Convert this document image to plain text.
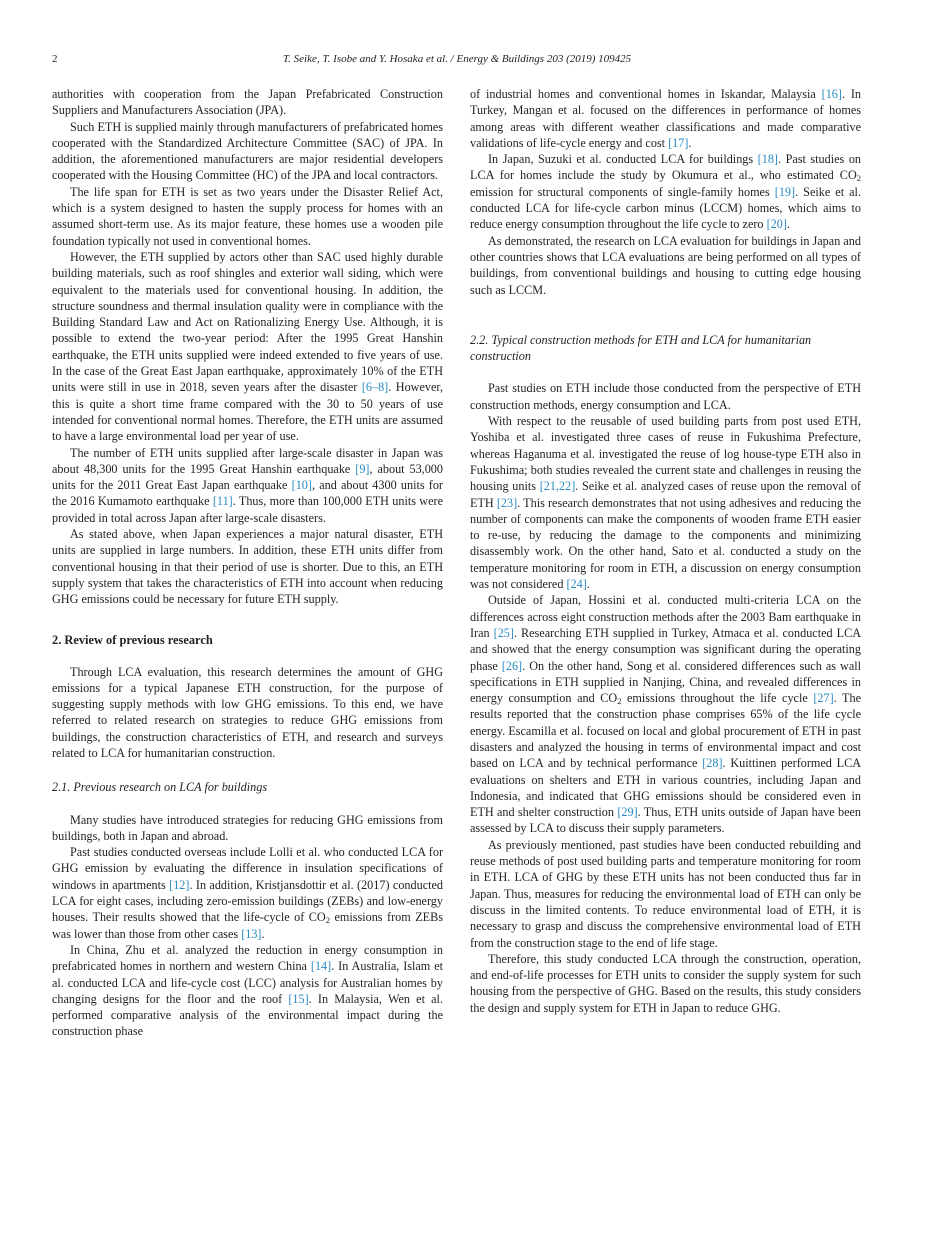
2	T. Seike, T. Isobe and Y. Hosaka et al. / Energy & Buildings 203 (2019) 109425

authorities with cooperation from the Japan Prefabricated Construction Suppliers and Manufacturers Association (JPA).

Such ETH is supplied mainly through manufacturers of prefabricated homes cooperated with the Standardized Architecture Committee (SAC) of JPA. In addition, the aforementioned manufacturers are major residential developers cooperated with the Housing Committee (HC) of the JPA and local contractors.

The life span for ETH is set as two years under the Disaster Relief Act, which is a system designed to hasten the supply process for homes with an assumed short-term use. As its major feature, these homes use a wooden pile foundation typically not used in conventional homes.

However, the ETH supplied by actors other than SAC used highly durable building materials, such as roof shingles and exterior wall siding, which were equivalent to the materials used for conventional housing. In addition, the structure soundness and thermal insulation quality were in compliance with the Building Standard Law and Act on Rationalizing Energy Use. Although, it is possible to extend the two-year period: After the 1995 Great Hanshin earthquake, the ETH units supplied were indeed extended to five years of use. In the case of the Great East Japan earthquake, approximately 10% of the ETH units were still in use in 2018, seven years after the disaster [6–8]. However, this is quite a short time frame compared with the 30 to 50 years of use intended for conventional normal homes. Therefore, the ETH units are assumed to have a large environmental load per year of use.

The number of ETH units supplied after large-scale disaster in Japan was about 48,300 units for the 1995 Great Hanshin earthquake [9], about 53,000 units for the 2011 Great East Japan earthquake [10], and about 4300 units for the 2016 Kumamoto earthquake [11]. Thus, more than 100,000 ETH units were provided in total across Japan after large-scale disasters.

As stated above, when Japan experiences a major natural disaster, ETH units are supplied in large numbers. In addition, these ETH units differ from conventional housing in that their period of use is shorter. Due to this, an ETH supply system that takes the characteristics of ETH into account when reducing GHG emissions could be necessary for future ETH supply.

2. Review of previous research

Through LCA evaluation, this research determines the amount of GHG emissions for a typical Japanese ETH construction, for the purpose of suggesting supply methods with low GHG emissions. To this end, we have referred to related research on strategies to reduce GHG emissions from buildings, the construction characteristics of ETH, and research and surveys related to LCA for humanitarian construction.

2.1. Previous research on LCA for buildings

Many studies have introduced strategies for reducing GHG emissions from buildings, both in Japan and abroad.

Past studies conducted overseas include Lolli et al. who conducted LCA for GHG emission by evaluating the difference in insulation specifications of windows in apartments [12]. In addition, Kristjansdottir et al. (2017) conducted LCA for eight cases, including zero-emission buildings (ZEBs) and low-energy houses. Their results showed that the life-cycle of $CO_2$ emissions from ZEBs was lower than those from other cases [13].

In China, Zhu et al. analyzed the reduction in energy consumption in prefabricated homes in northern and western China [14]. In Australia, Islam et al. conducted LCA and life-cycle cost (LCC) analysis for Australian homes by changing designs for the floor and the roof [15]. In Malaysia, Wen et al. performed comparative analysis of the environmental impact during the construction phase

of industrial homes and conventional homes in Iskandar, Malaysia [16]. In Turkey, Mangan et al. focused on the differences in performance of homes among areas with different weather classifications and made comparative validations of life-cycle energy and cost [17].

In Japan, Suzuki et al. conducted LCA for buildings [18]. Past studies on LCA for homes include the study by Okumura et al., who estimated $CO_2$ emission for structural components of single-family homes [19]. Seike et al. conducted LCA for life-cycle carbon minus (LCCM) homes, which aims to reduce energy consumption throughout the life cycle to zero [20].

As demonstrated, the research on LCA evaluation for buildings in Japan and other countries shows that LCA evaluations are being performed on all types of buildings, from conventional buildings and housing to cutting edge housing such as LCCM.

2.2. Typical construction methods for ETH and LCA for humanitarian construction

Past studies on ETH include those conducted from the perspective of ETH construction methods, energy consumption and LCA.

With respect to the reusable of used building parts from post used ETH, Yoshiba et al. investigated three cases of reuse in Fukushima Prefecture, whereas Haganuma et al. investigated the reuse of log house-type ETH also in Fukushima; both studies revealed the current state and challenges in reusing the housing units [21,22]. Seike et al. analyzed cases of reuse upon the removal of ETH [23]. This research demonstrates that not using adhesives and reducing the number of components can make the components of wooden frame ETH easier to re-use, by reducing the damage to the components and minimizing disassembly work. On the other hand, Sato et al. conducted a study on the temperature monitoring for room in ETH, a discussion on energy consumption was not considered [24].

Outside of Japan, Hossini et al. conducted multi-criteria LCA on the differences across eight construction methods after the 2003 Bam earthquake in Iran [25]. Researching ETH supplied in Turkey, Atmaca et al. conducted LCA and showed that the energy consumption was significant during the operating phase [26]. On the other hand, Song et al. considered differences such as wall specifications in ETH supplied in Nanjing, China, and revealed differences in energy consumption and $CO_2$ emissions throughout the life cycle [27]. The results reported that the construction phase comprises 65% of the life cycle energy. Escamilla et al. focused on local and global procurement of ETH in past disasters and analyzed the housing in terms of environmental impact and cost based on LCA and by technical performance [28]. Kuittinen performed LCA evaluations on shelters and ETH in various countries, including Japan and Indonesia, and indicated that GHG emissions should be considered even in ETH and shelter construction [29]. Thus, ETH units outside of Japan have been assessed by LCA to discuss their supply parameters.

As previously mentioned, past studies have been conducted rebuilding and reuse methods of post used building parts and temperature monitoring for room in ETH. LCA of GHG by these ETH units has not been conducted thus far in Japan. Thus, measures for reducing the environmental load of ETH can only be discuss in the limited contents. To reduce environmental load of ETH, it is necessary to grasp and discuss the comprehensive environmental load of ETH from the construction stage to the end of life stage.

Therefore, this study conducted LCA through the construction, operation, and end-of-life processes for ETH units to consider the supply system for such housing from the perspective of GHG. Based on the results, this study considers the design and supply system for ETH in Japan to reduce GHG.
